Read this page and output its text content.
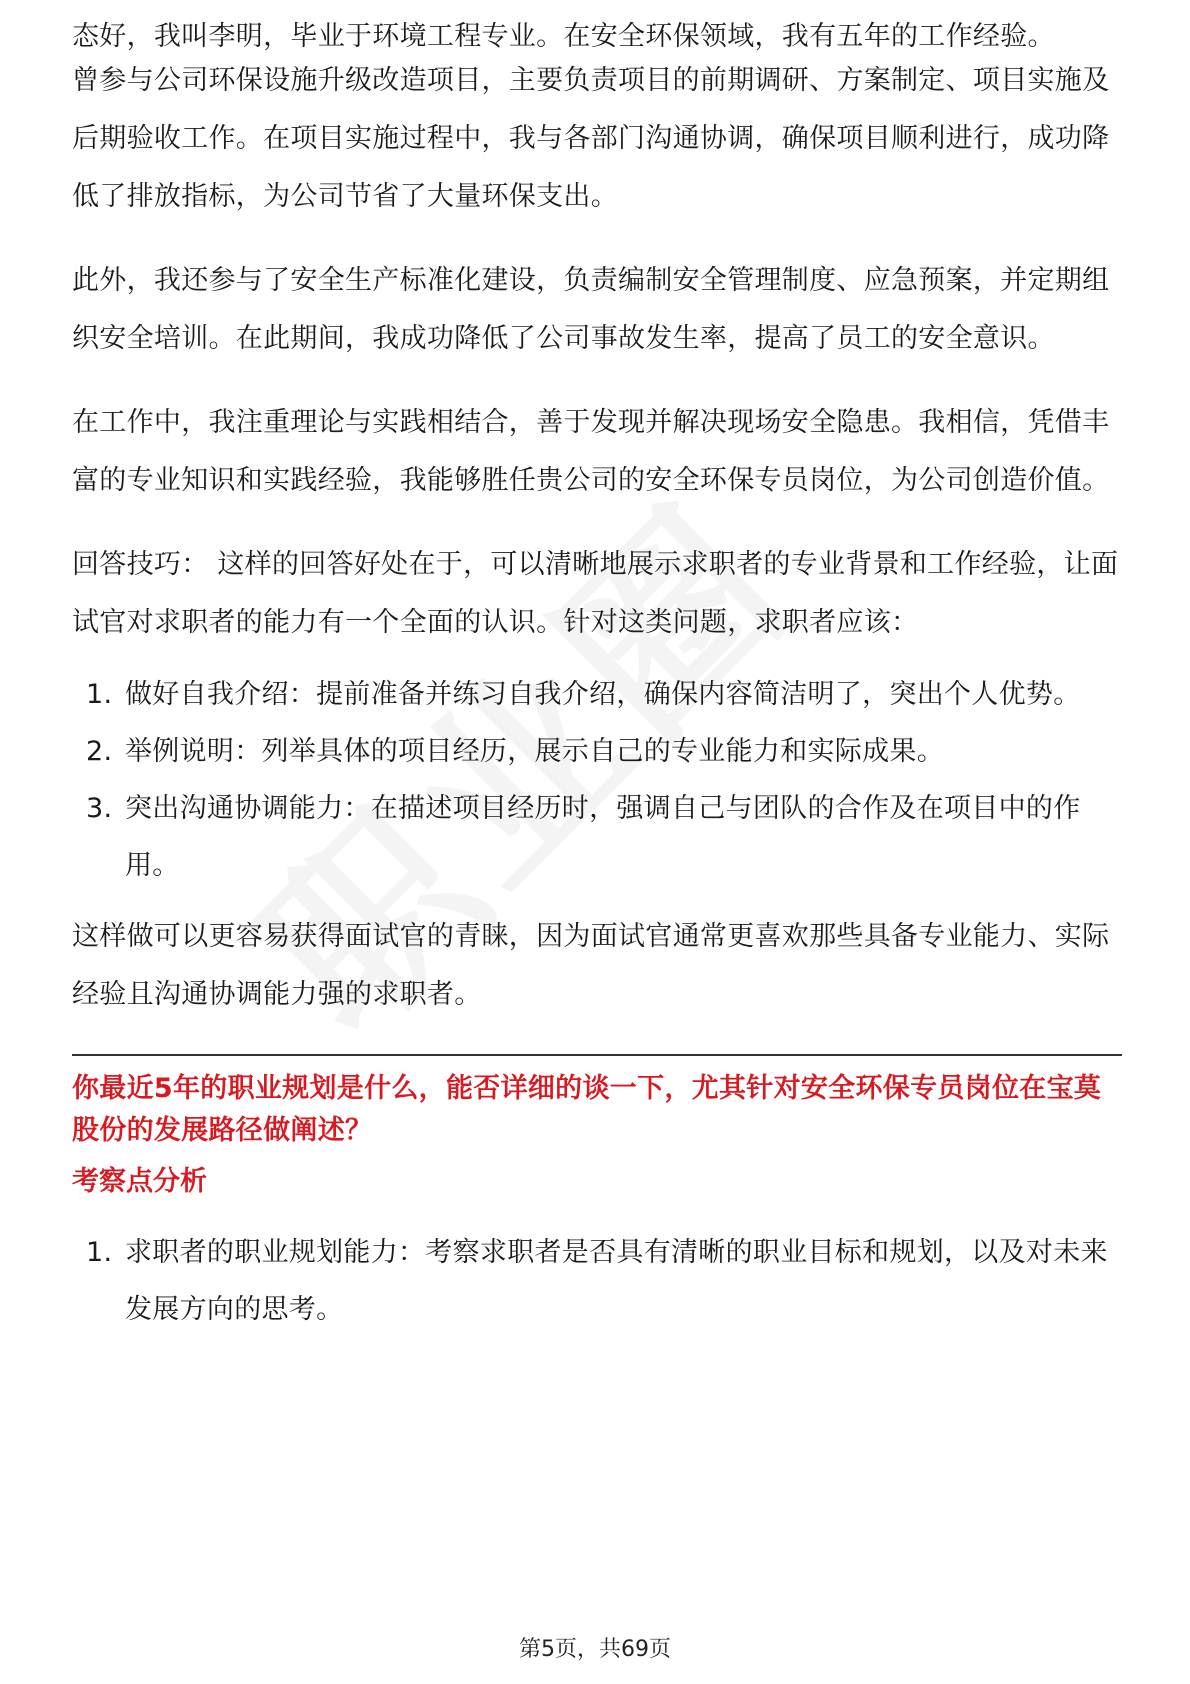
态好，我叫李明，毕业于环境工程专业。在安全环保领域，我有五年的工作经验。

曾参与公司环保设施升级改造项目，主要负责项目的前期调研、方案制定、项目实施及后期验收工作。在项目实施过程中，我与各部门沟通协调，确保项目顺利进行，成功降低了排放指标，为公司节省了大量环保支出。

此外，我还参与了安全生产标准化建设，负责编制安全管理制度、应急预案，并定期组织安全培训。在此期间，我成功降低了公司事故发生率，提高了员工的安全意识。

在工作中，我注重理论与实践相结合，善于发现并解决现场安全隐患。我相信，凭借丰富的专业知识和实践经验，我能够胜任贵公司的安全环保专员岗位，为公司创造价值。

回答技巧： 这样的回答好处在于，可以清晰地展示求职者的专业背景和工作经验，让面试官对求职者的能力有一个全面的认识。针对这类问题，求职者应该：

1. 做好自我介绍：提前准备并练习自我介绍，确保内容简洁明了，突出个人优势。
2. 举例说明：列举具体的项目经历，展示自己的专业能力和实际成果。
3. 突出沟通协调能力：在描述项目经历时，强调自己与团队的合作及在项目中的作用。

这样做可以更容易获得面试官的青睐，因为面试官通常更喜欢那些具备专业能力、实际经验且沟通协调能力强的求职者。

你最近5年的职业规划是什么，能否详细的谈一下，尤其针对安全环保专员岗位在宝莫股份的发展路径做阐述？

考察点分析

1. 求职者的职业规划能力：考察求职者是否具有清晰的职业目标和规划，以及对未来发展方向的思考。
第5页，共69页
